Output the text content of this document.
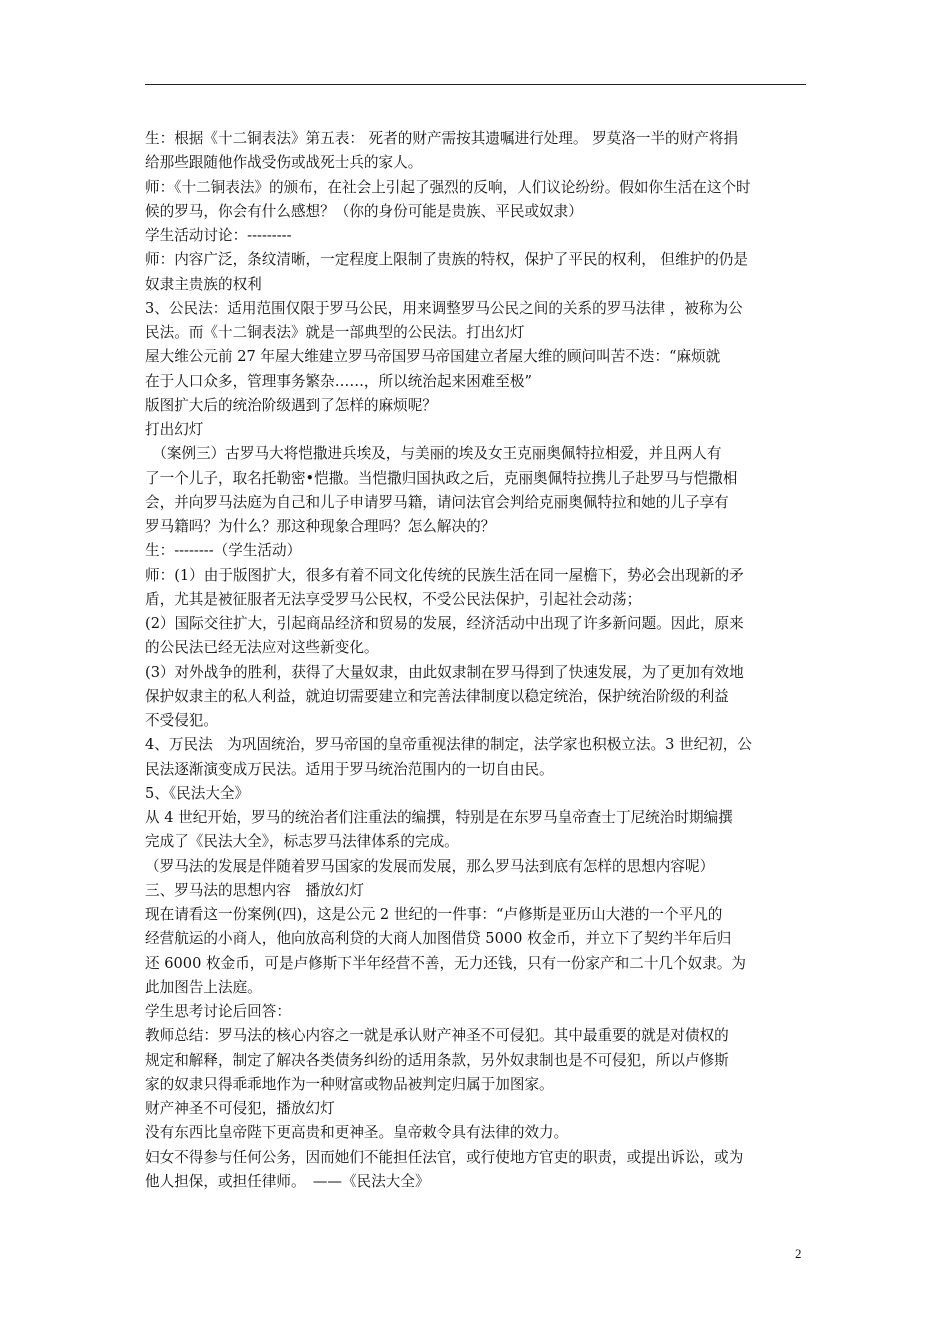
生：根据《十二铜表法》第五表： 死者的财产需按其遗嘱进行处理。 罗莫洛一半的财产将捐
给那些跟随他作战受伤或战死士兵的家人。
师：《十二铜表法》的颁布，在社会上引起了强烈的反响，人们议论纷纷。假如你生活在这个时
候的罗马，你会有什么感想？（你的身份可能是贵族、平民或奴隶）
学生活动讨论：---------
师：内容广泛，条纹清晰，一定程度上限制了贵族的特权，保护了平民的权利， 但维护的仍是
奴隶主贵族的权利
3、公民法：适用范围仅限于罗马公民，用来调整罗马公民之间的关系的罗马法律 ，被称为公
民法。而《十二铜表法》就是一部典型的公民法。打出幻灯
屋大维公元前 27 年屋大维建立罗马帝国罗马帝国建立者屋大维的顾问叫苦不迭：“麻烦就
在于人口众多，管理事务繁杂……，所以统治起来困难至极”
版图扩大后的统治阶级遇到了怎样的麻烦呢？
打出幻灯
　（案例三）古罗马大将恺撒进兵埃及，与美丽的埃及女王克丽奥佩特拉相爱，并且两人有
了一个儿子，取名托勒密•恺撒。当恺撒归国执政之后，克丽奥佩特拉携儿子赴罗马与恺撒相
会，并向罗马法庭为自己和儿子申请罗马籍，请问法官会判给克丽奥佩特拉和她的儿子享有
罗马籍吗？为什么？那这种现象合理吗？怎么解决的？
生：--------（学生活动）
师：(1）由于版图扩大，很多有着不同文化传统的民族生活在同一屋檐下，势必会出现新的矛
盾，尤其是被征服者无法享受罗马公民权，不受公民法保护，引起社会动荡；
(2）国际交往扩大，引起商品经济和贸易的发展，经济活动中出现了许多新问题。因此，原来
的公民法已经无法应对这些新变化。
(3）对外战争的胜利，获得了大量奴隶，由此奴隶制在罗马得到了快速发展，为了更加有效地
保护奴隶主的私人利益，就迫切需要建立和完善法律制度以稳定统治，保护统治阶级的利益
不受侵犯。
4、万民法　为巩固统治，罗马帝国的皇帝重视法律的制定，法学家也积极立法。3 世纪初，公
民法逐渐演变成万民法。适用于罗马统治范围内的一切自由民。
5、《民法大全》
从 4 世纪开始，罗马的统治者们注重法的编撰，特别是在东罗马皇帝查士丁尼统治时期编撰
完成了《民法大全》，标志罗马法律体系的完成。
（罗马法的发展是伴随着罗马国家的发展而发展，那么罗马法到底有怎样的思想内容呢）
三、罗马法的思想内容　播放幻灯
现在请看这一份案例(四)，这是公元 2 世纪的一件事：“卢修斯是亚历山大港的一个平凡的
经营航运的小商人，他向放高利贷的大商人加图借贷 5000 枚金币，并立下了契约半年后归
还 6000 枚金币，可是卢修斯下半年经营不善，无力还钱，只有一份家产和二十几个奴隶。为
此加图告上法庭。
学生思考讨论后回答：
教师总结：罗马法的核心内容之一就是承认财产神圣不可侵犯。其中最重要的就是对债权的
规定和解释，制定了解决各类债务纠纷的适用条款，另外奴隶制也是不可侵犯，所以卢修斯
家的奴隶只得乖乖地作为一种财富或物品被判定归属于加图家。
财产神圣不可侵犯，播放幻灯
没有东西比皇帝陛下更高贵和更神圣。皇帝敕令具有法律的效力。
妇女不得参与任何公务，因而她们不能担任法官，或行使地方官吏的职责，或提出诉讼，或为
他人担保，或担任律师。　——《民法大全》
2
